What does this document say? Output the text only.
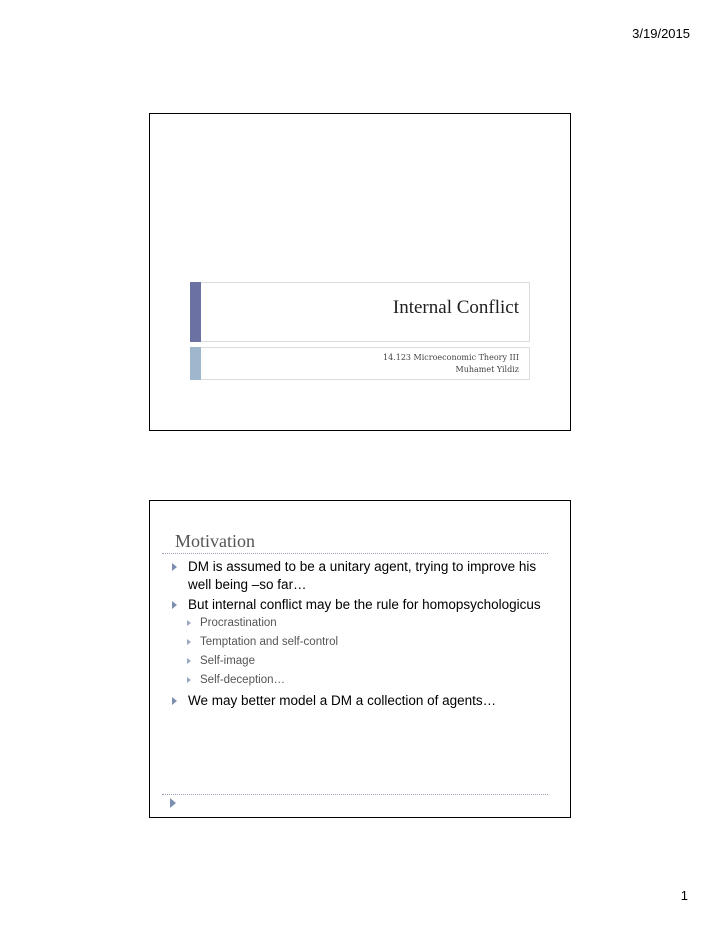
3/19/2015
Internal Conflict
14.123 Microeconomic Theory III
Muhamet Yildiz
Motivation
DM is assumed to be a unitary agent, trying to improve his well being –so far…
But internal conflict may be the rule for homopsychologicus
Procrastination
Temptation and self-control
Self-image
Self-deception…
We may better model a DM a collection of agents…
1
